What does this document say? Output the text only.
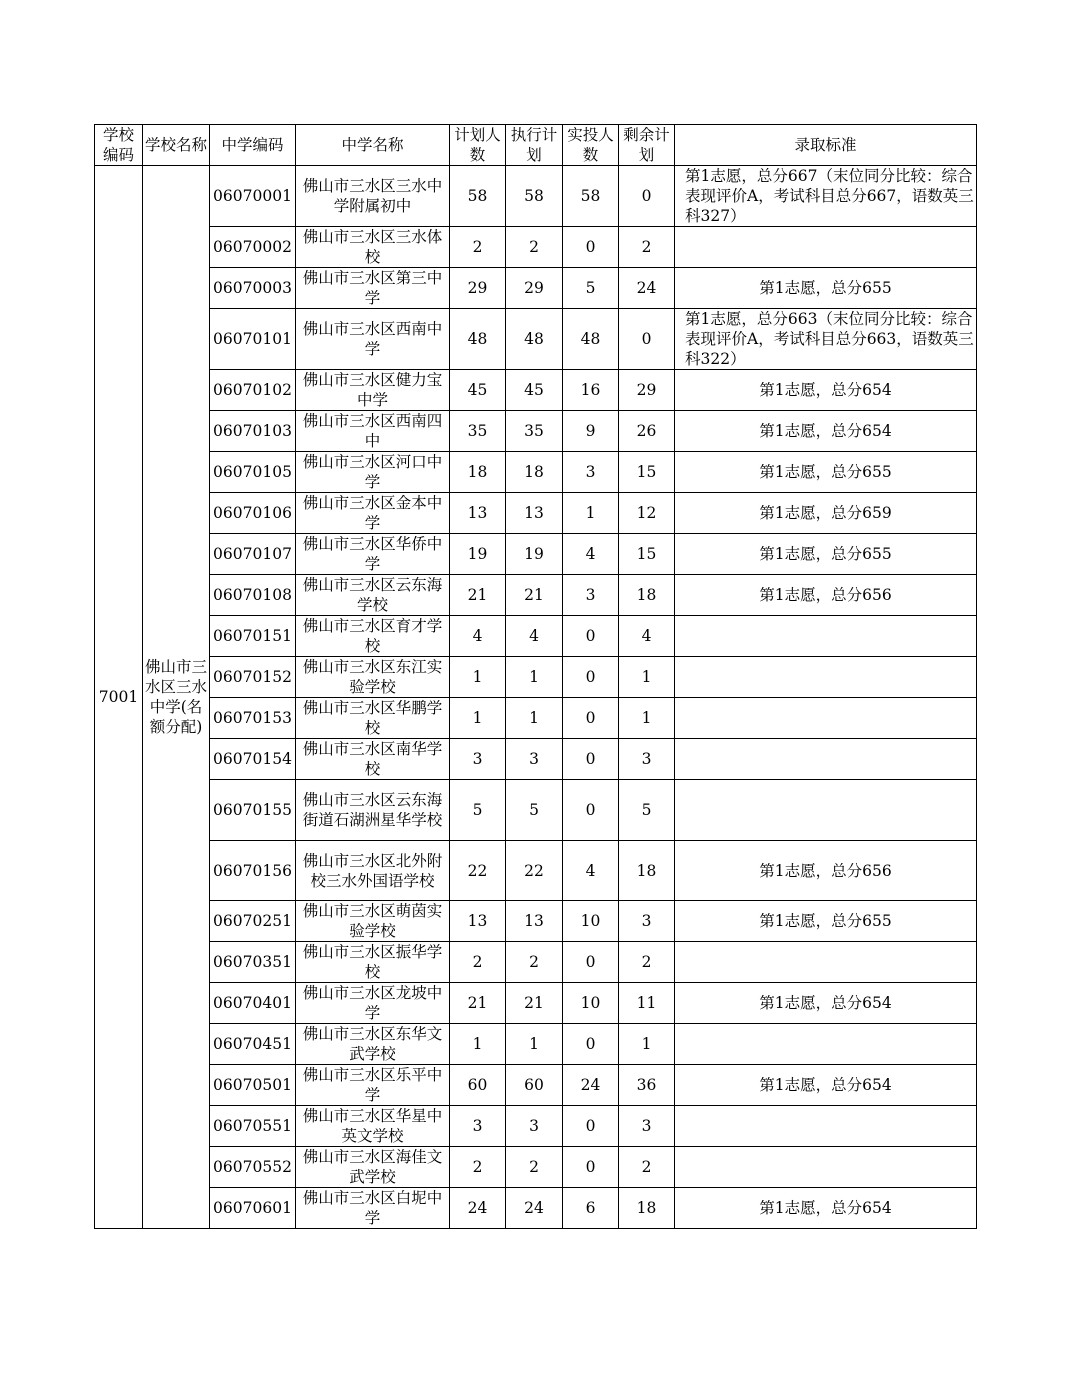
学校编码	学校名称	中学编码	中学名称	计划人数	执行计划	实投人数	剩余计划	录取标准
7001	佛山市三水区三水中学(名额分配)	06070001	佛山市三水区三水中学附属初中	58	58	58	0	第1志愿，总分667（末位同分比较：综合表现评价A，考试科目总分667，语数英三科327）
		06070002	佛山市三水区三水体校	2	2	0	2	
		06070003	佛山市三水区第三中学	29	29	5	24	第1志愿，总分655
		06070101	佛山市三水区西南中学	48	48	48	0	第1志愿，总分663（末位同分比较：综合表现评价A，考试科目总分663，语数英三科322）
		06070102	佛山市三水区健力宝中学	45	45	16	29	第1志愿，总分654
		06070103	佛山市三水区西南四中	35	35	9	26	第1志愿，总分654
		06070105	佛山市三水区河口中学	18	18	3	15	第1志愿，总分655
		06070106	佛山市三水区金本中学	13	13	1	12	第1志愿，总分659
		06070107	佛山市三水区华侨中学	19	19	4	15	第1志愿，总分655
		06070108	佛山市三水区云东海学校	21	21	3	18	第1志愿，总分656
		06070151	佛山市三水区育才学校	4	4	0	4	
		06070152	佛山市三水区东江实验学校	1	1	0	1	
		06070153	佛山市三水区华鹏学校	1	1	0	1	
		06070154	佛山市三水区南华学校	3	3	0	3	
		06070155	佛山市三水区云东海街道石湖洲星华学校	5	5	0	5	
		06070156	佛山市三水区北外附校三水外国语学校	22	22	4	18	第1志愿，总分656
		06070251	佛山市三水区萌茵实验学校	13	13	10	3	第1志愿，总分655
		06070351	佛山市三水区振华学校	2	2	0	2	
		06070401	佛山市三水区龙坡中学	21	21	10	11	第1志愿，总分654
		06070451	佛山市三水区东华文武学校	1	1	0	1	
		06070501	佛山市三水区乐平中学	60	60	24	36	第1志愿，总分654
		06070551	佛山市三水区华星中英文学校	3	3	0	3	
		06070552	佛山市三水区海佳文武学校	2	2	0	2	
		06070601	佛山市三水区白坭中学	24	24	6	18	第1志愿，总分654
